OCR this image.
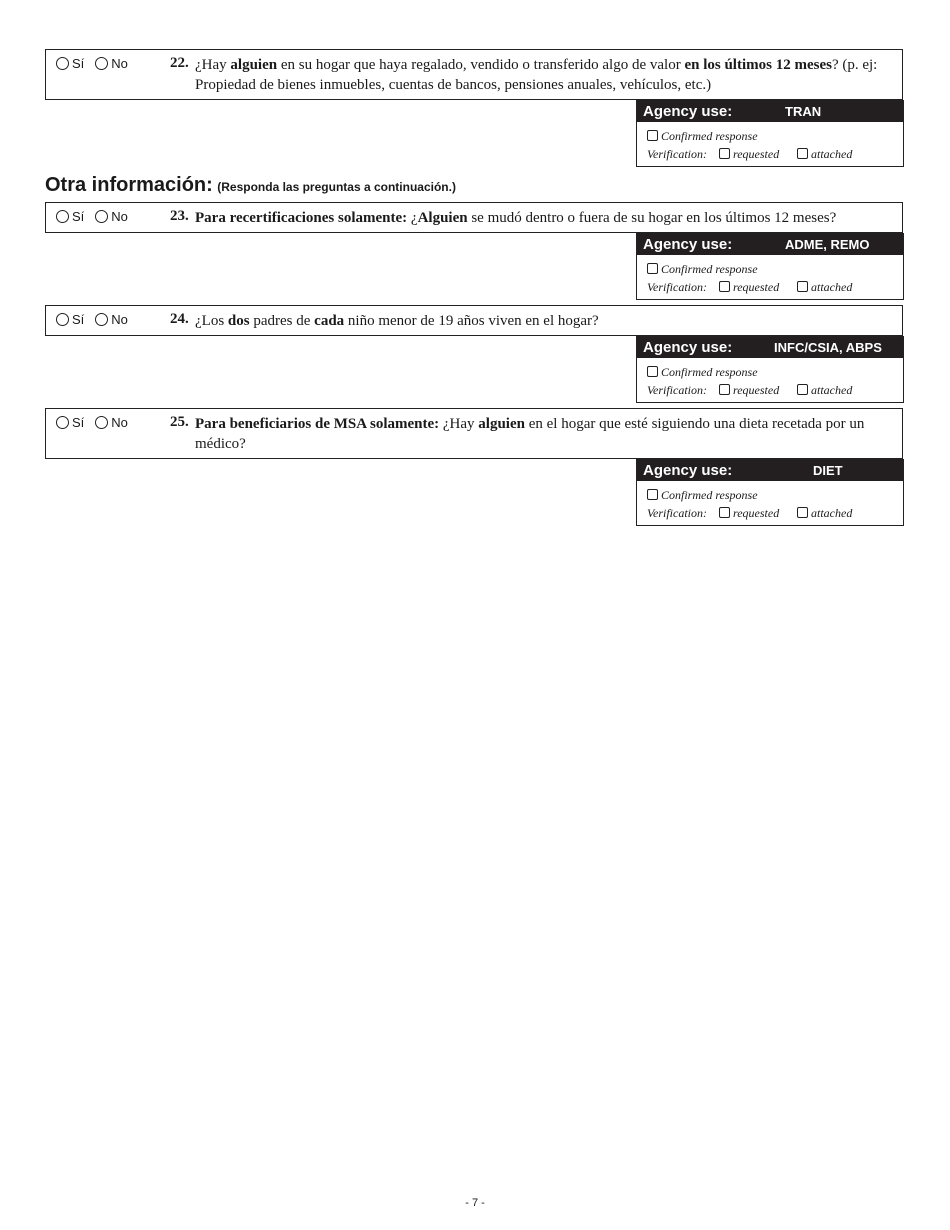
Sí No	22. ¿Hay alguien en su hogar que haya regalado, vendido o transferido algo de valor en los últimos 12 meses? (p. ej: Propiedad de bienes inmuebles, cuentas de bancos, pensiones anuales, vehículos, etc.)
Agency use:	TRAN
Confirmed response
Verification: requested	attached
Otra información: (Responda las preguntas a continuación.)
Sí No	23. Para recertificaciones solamente: ¿Alguien se mudó dentro o fuera de su hogar en los últimos 12 meses?
Agency use:	ADME, REMO
Confirmed response
Verification: requested	attached
Sí No	24. ¿Los dos padres de cada niño menor de 19 años viven en el hogar?
Agency use:	INFC/CSIA, ABPS
Confirmed response
Verification: requested	attached
Sí No	25. Para beneficiarios de MSA solamente: ¿Hay alguien en el hogar que esté siguiendo una dieta recetada por un médico?
Agency use:	DIET
Confirmed response
Verification: requested	attached
- 7 -
